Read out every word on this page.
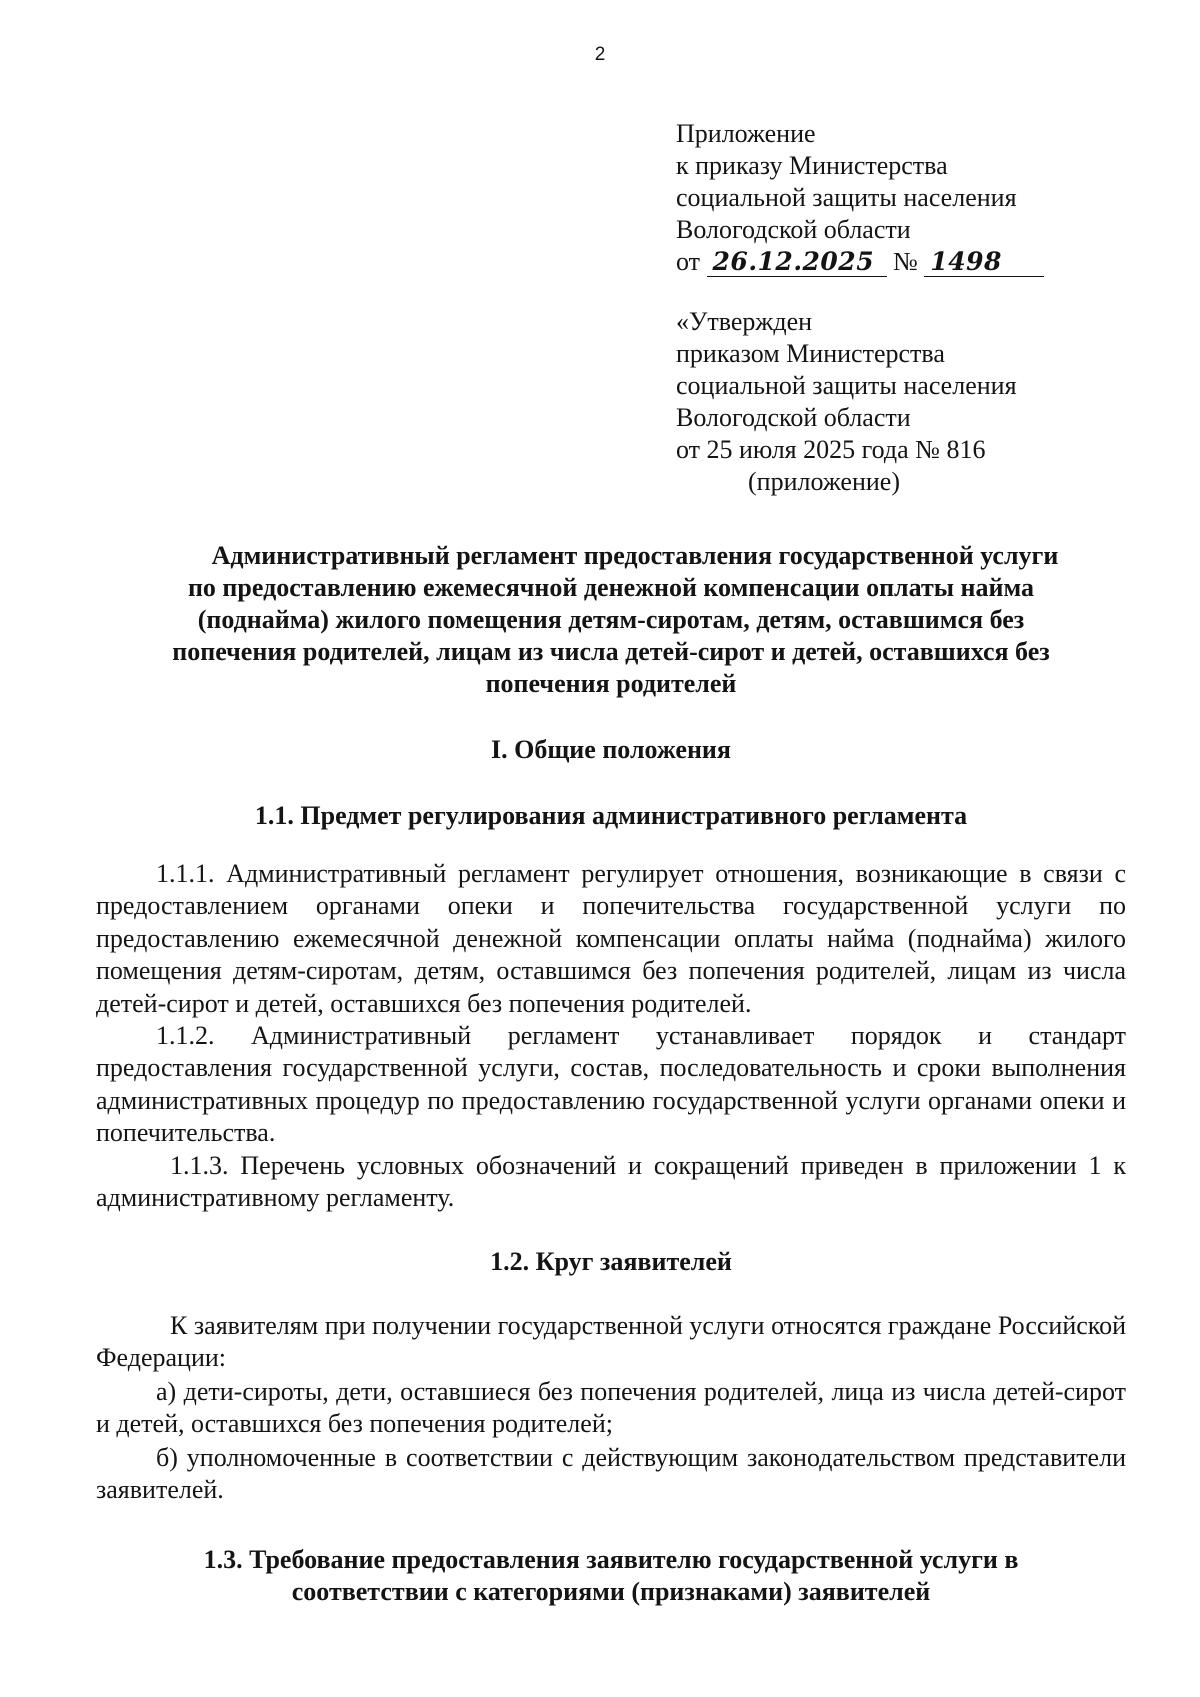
2
Приложение
к приказу Министерства
социальной защиты населения
Вологодской области
от 26.12.2025 № 1498
«Утвержден
приказом Министерства
социальной защиты населения
Вологодской области
от 25 июля 2025 года № 816
(приложение)
Административный регламент предоставления государственной услуги
по предоставлению ежемесячной денежной компенсации оплаты найма
(поднайма) жилого помещения детям-сиротам, детям, оставшимся без
попечения родителей, лицам из числа детей-сирот и детей, оставшихся без
попечения родителей
I. Общие положения
1.1. Предмет регулирования административного регламента
1.1.1. Административный регламент регулирует отношения, возникающие в связи с предоставлением органами опеки и попечительства государственной услуги по предоставлению ежемесячной денежной компенсации оплаты найма (поднайма) жилого помещения детям-сиротам, детям, оставшимся без попечения родителей, лицам из числа детей-сирот и детей, оставшихся без попечения родителей.
1.1.2. Административный регламент устанавливает порядок и стандарт предоставления государственной услуги, состав, последовательность и сроки выполнения административных процедур по предоставлению государственной услуги органами опеки и попечительства.
1.1.3. Перечень условных обозначений и сокращений приведен в приложении 1 к административному регламенту.
1.2. Круг заявителей
К заявителям при получении государственной услуги относятся граждане Российской Федерации:
а) дети-сироты, дети, оставшиеся без попечения родителей, лица из числа детей-сирот и детей, оставшихся без попечения родителей;
б) уполномоченные в соответствии с действующим законодательством представители заявителей.
1.3. Требование предоставления заявителю государственной услуги в
соответствии с категориями (признаками) заявителей
